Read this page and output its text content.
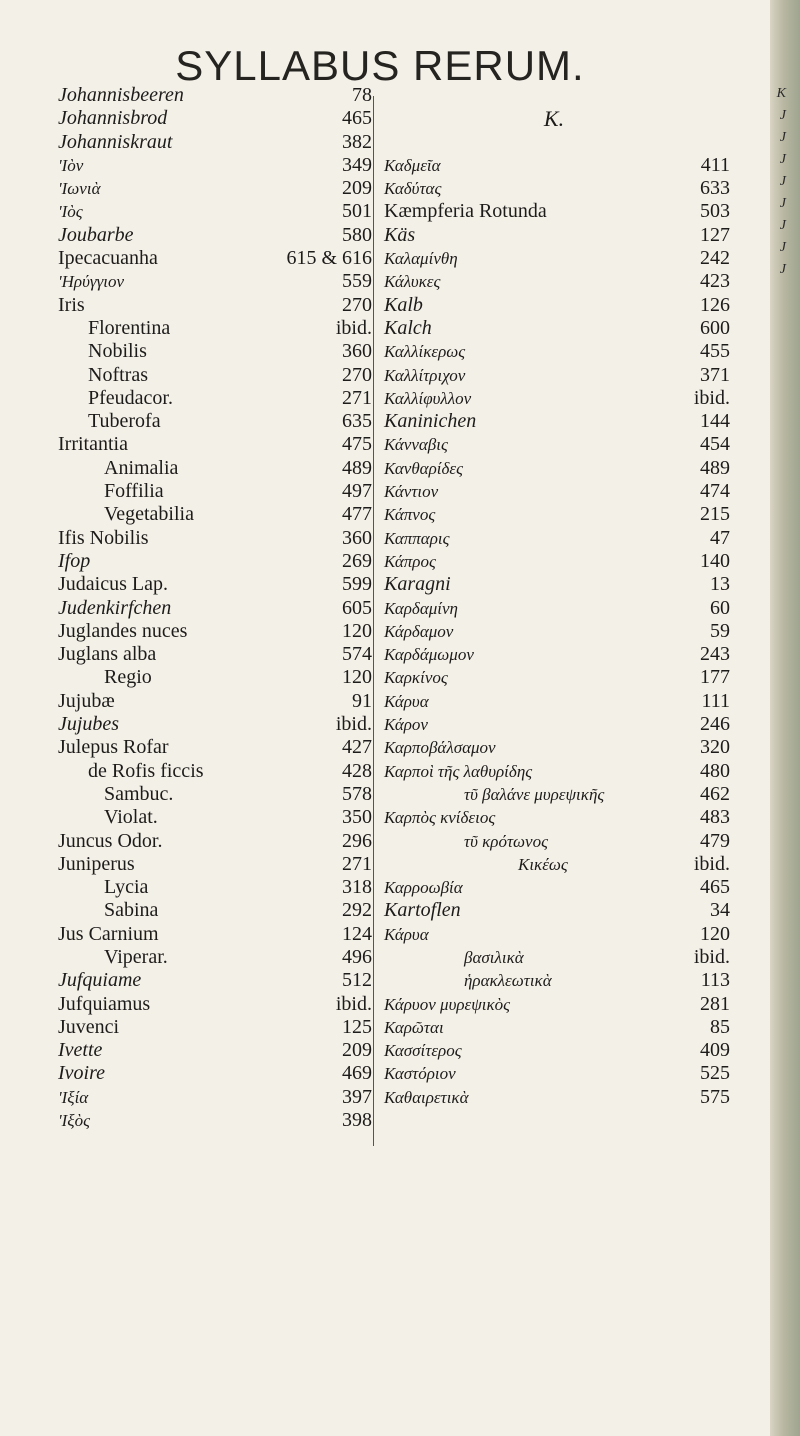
SYLLABUS RERUM.
Johannisbeeren	78
Johannisbrod	465
Johanniskraut	382
'Ιὸν	349
'Ιωνιὰ	209
'Ιὸς	501
Joubarbe	580
Ipecacuanha	615 & 616
'Ηρύγγιον	559
Iris	270
Florentina	ibid.
Nobilis	360
Noftras	270
Pfeudacor.	271
Tuberofa	635
Irritantia	475
Animalia	489
Foffilia	497
Vegetabilia	477
Ifis Nobilis	360
Ifop	269
Judaicus Lap.	599
Judenkirfchen	605
Juglandes nuces	120
Juglans alba	574
Regio	120
Jujubæ	91
Jujubes	ibid.
Julepus Rofar	427
de Rofis ficcis	428
Sambuc.	578
Violat.	350
Juncus Odor.	296
Juniperus	271
Lycia	318
Sabina	292
Jus Carnium	124
Viperar.	496
Jufquiame	512
Jufquiamus	ibid.
Juvenci	125
Ivette	209
Ivoire	469
'Ιξία	397
'Ιξὸς	398
K.
Καδμεῖα	411
Καδύτας	633
Kæmpferia Rotunda	503
Käs	127
Καλαμίνθη	242
Κάλυκες	423
Kalb	126
Kalch	600
Καλλίκερως	455
Καλλίτριχον	371
Καλλίφυλλον	ibid.
Kaninichen	144
Κάνναβις	454
Κανθαρίδες	489
Κάντιον	474
Κάπνος	215
Καππαρις	47
Κάπρος	140
Karagni	13
Καρδαμίνη	60
Κάρδαμον	59
Καρδάμωμον	243
Καρκίνος	177
Κάρυα	111
Κάρον	246
Καρποβάλσαμον	320
Καρποὶ τῆς λαθυρίδης	480
τῦ βαλάνε μυρεψικῆς	462
Καρπὸς κνίδειος	483
τῦ κρότωνος	479
Κικέως	ibid.
Καρροωβία	465
Kartoflen	34
Κάρυα	120
βασιλικὰ	ibid.
ἡρακλεωτικὰ	113
Κάρυον μυρεψικὸς	281
Καρῶται	85
Κασσίτερος	409
Καστόριον	525
Καθαιρετικὰ	575
K
J
J
J
J
J
J
J
J
